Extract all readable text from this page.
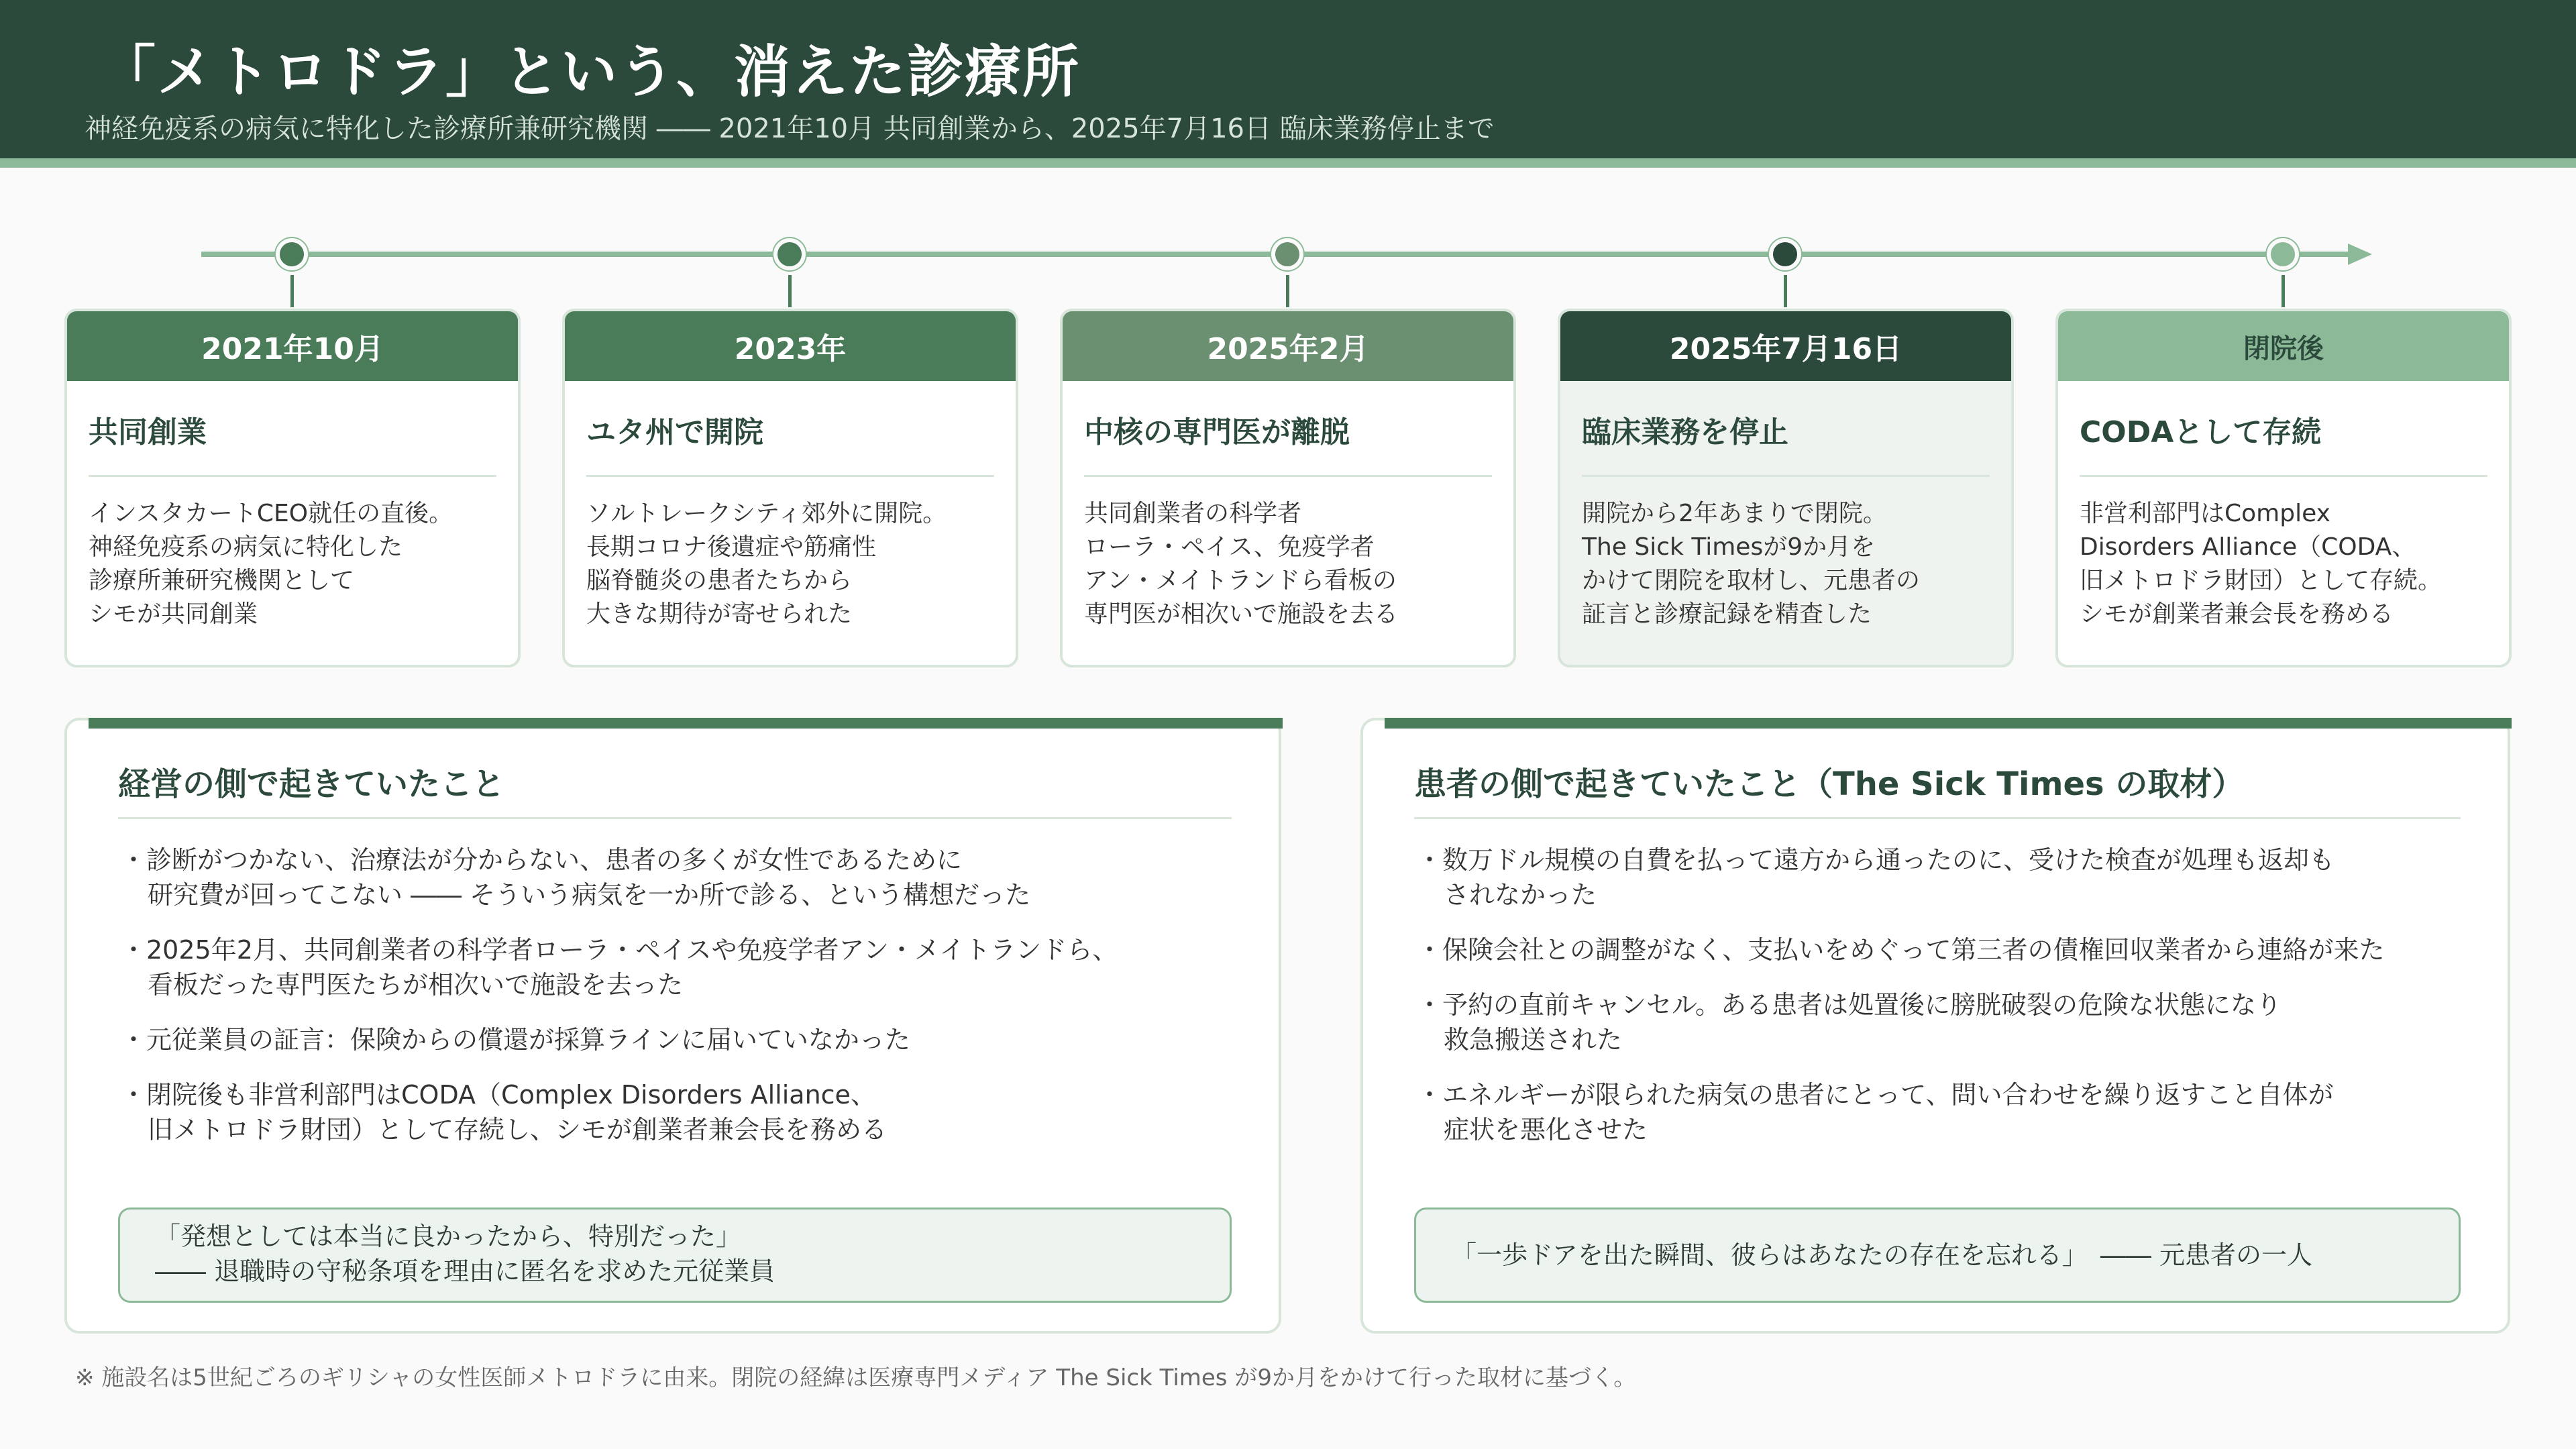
「メトロドラ」という、消えた診療所
神経免疫系の病気に特化した診療所兼研究機関 ―― 2021年10月 共同創業から、2025年7月16日 臨床業務停止まで
2021年10月
共同創業
インスタカートCEO就任の直後。
神経免疫系の病気に特化した
診療所兼研究機関として
シモが共同創業
2023年
ユタ州で開院
ソルトレークシティ郊外に開院。
長期コロナ後遺症や筋痛性
脳脊髄炎の患者たちから
大きな期待が寄せられた
2025年2月
中核の専門医が離脱
共同創業者の科学者
ローラ・ペイス、免疫学者
アン・メイトランドら看板の
専門医が相次いで施設を去る
2025年7月16日
臨床業務を停止
開院から2年あまりで閉院。
The Sick Timesが9か月を
かけて閉院を取材し、元患者の
証言と診療記録を精査した
閉院後
CODAとして存続
非営利部門はComplex
Disorders Alliance（CODA、
旧メトロドラ財団）として存続。
シモが創業者兼会長を務める
経営の側で起きていたこと
・診断がつかない、治療法が分からない、患者の多くが女性であるために
研究費が回ってこない ―― そういう病気を一か所で診る、という構想だった
・2025年2月、共同創業者の科学者ローラ・ペイスや免疫学者アン・メイトランドら、
看板だった専門医たちが相次いで施設を去った
・元従業員の証言：保険からの償還が採算ラインに届いていなかった
・閉院後も非営利部門はCODA（Complex Disorders Alliance、
旧メトロドラ財団）として存続し、シモが創業者兼会長を務める
「発想としては本当に良かったから、特別だった」
―― 退職時の守秘条項を理由に匿名を求めた元従業員
患者の側で起きていたこと（The Sick Times の取材）
・数万ドル規模の自費を払って遠方から通ったのに、受けた検査が処理も返却も
されなかった
・保険会社との調整がなく、支払いをめぐって第三者の債権回収業者から連絡が来た
・予約の直前キャンセル。ある患者は処置後に膀胱破裂の危険な状態になり
救急搬送された
・エネルギーが限られた病気の患者にとって、問い合わせを繰り返すこと自体が
症状を悪化させた
「一歩ドアを出た瞬間、彼らはあなたの存在を忘れる」　―― 元患者の一人
※ 施設名は5世紀ごろのギリシャの女性医師メトロドラに由来。閉院の経緯は医療専門メディア The Sick Times が9か月をかけて行った取材に基づく。
